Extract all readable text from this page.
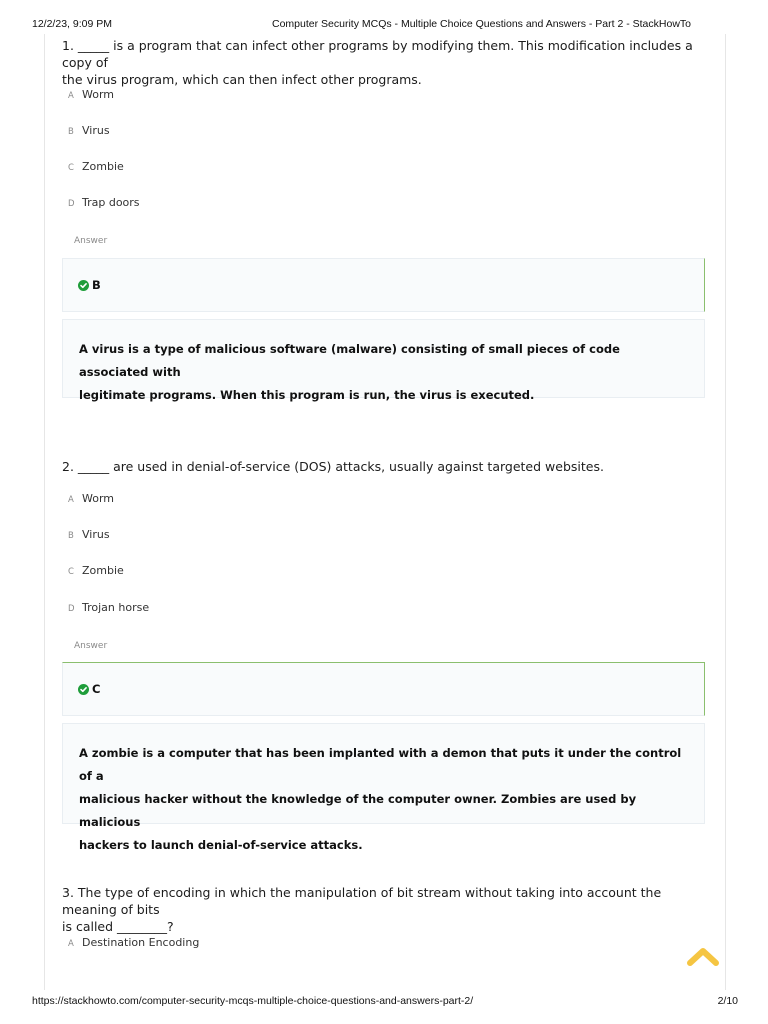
12/2/23, 9:09 PM	Computer Security MCQs - Multiple Choice Questions and Answers - Part 2 - StackHowTo
1. _____ is a program that can infect other programs by modifying them. This modification includes a copy of
the virus program, which can then infect other programs.
A Worm
B Virus
C Zombie
D Trap doors
Answer
B
A virus is a type of malicious software (malware) consisting of small pieces of code associated with
legitimate programs. When this program is run, the virus is executed.
2. _____ are used in denial-of-service (DOS) attacks, usually against targeted websites.
A Worm
B Virus
C Zombie
D Trojan horse
Answer
C
A zombie is a computer that has been implanted with a demon that puts it under the control of a
malicious hacker without the knowledge of the computer owner. Zombies are used by malicious
hackers to launch denial-of-service attacks.
3. The type of encoding in which the manipulation of bit stream without taking into account the meaning of bits
is called ________?
A Destination Encoding
https://stackhowto.com/computer-security-mcqs-multiple-choice-questions-and-answers-part-2/	2/10
